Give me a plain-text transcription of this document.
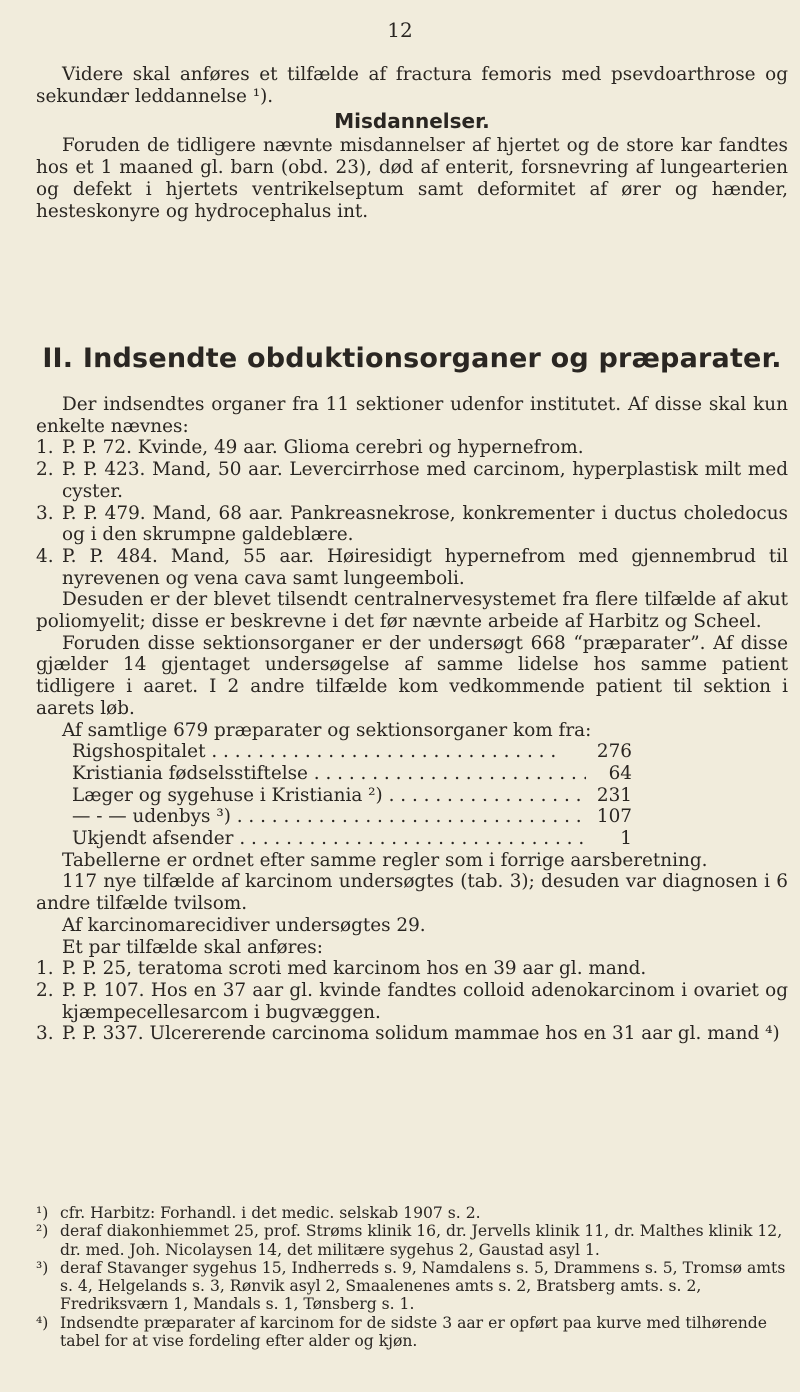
12

Videre skal anføres et tilfælde af fractura femoris med psevdoarthrose og sekundær leddannelse ¹).

Misdannelser.

Foruden de tidligere nævnte misdannelser af hjertet og de store kar fandtes hos et 1 maaned gl. barn (obd. 23), død af enterit, forsnevring af lungearterien og defekt i hjertets ventrikelseptum samt deformitet af ører og hænder, hesteskonyre og hydrocephalus int.

II. Indsendte obduktionsorganer og præparater.

Der indsendtes organer fra 11 sektioner udenfor institutet. Af disse skal kun enkelte nævnes:

1. P. P. 72. Kvinde, 49 aar. Glioma cerebri og hypernefrom.
2. P. P. 423. Mand, 50 aar. Levercirrhose med carcinom, hyperplastisk milt med cyster.
3. P. P. 479. Mand, 68 aar. Pankreasnekrose, konkrementer i ductus choledocus og i den skrumpne galdeblære.
4. P. P. 484. Mand, 55 aar. Høiresidigt hypernefrom med gjennembrud til nyrevenen og vena cava samt lungeemboli.

Desuden er der blevet tilsendt centralnervesystemet fra flere tilfælde af akut poliomyelit; disse er beskrevne i det før nævnte arbeide af Harbitz og Scheel.

Foruden disse sektionsorganer er der undersøgt 668 “præparater”. Af disse gjælder 14 gjentaget undersøgelse af samme lidelse hos samme patient tidligere i aaret. I 2 andre tilfælde kom vedkommende patient til sektion i aarets løb.

Af samtlige 679 præparater og sektionsorganer kom fra:

Rigshospitalet . . .	276
Kristiania fødselsstiftelse . . .	64
Læger og sygehuse i Kristiania ²) . . .	231
— - — udenbys ³) . . .	107
Ukjendt afsender . . .	1

Tabellerne er ordnet efter samme regler som i forrige aarsberetning.

117 nye tilfælde af karcinom undersøgtes (tab. 3); desuden var diagnosen i 6 andre tilfælde tvilsom.

Af karcinomarecidiver undersøgtes 29.

Et par tilfælde skal anføres:

1. P. P. 25, teratoma scroti med karcinom hos en 39 aar gl. mand.
2. P. P. 107. Hos en 37 aar gl. kvinde fandtes colloid adenokarcinom i ovariet og kjæmpecellesarcom i bugvæggen.
3. P. P. 337. Ulcererende carcinoma solidum mammae hos en 31 aar gl. mand ⁴)
¹) cfr. Harbitz: Forhandl. i det medic. selskab 1907 s. 2.
²) deraf diakonhiemmet 25, prof. Strøms klinik 16, dr. Jervells klinik 11, dr. Malthes klinik 12, dr. med. Joh. Nicolaysen 14, det militære sygehus 2, Gaustad asyl 1.
³) deraf Stavanger sygehus 15, Indherreds s. 9, Namdalens s. 5, Drammens s. 5, Tromsø amts s. 4, Helgelands s. 3, Rønvik asyl 2, Smaalenenes amts s. 2, Bratsberg amts. s. 2, Fredriksværn 1, Mandals s. 1, Tønsberg s. 1.
⁴) Indsendte præparater af karcinom for de sidste 3 aar er opført paa kurve med tilhørende tabel for at vise fordeling efter alder og kjøn.
